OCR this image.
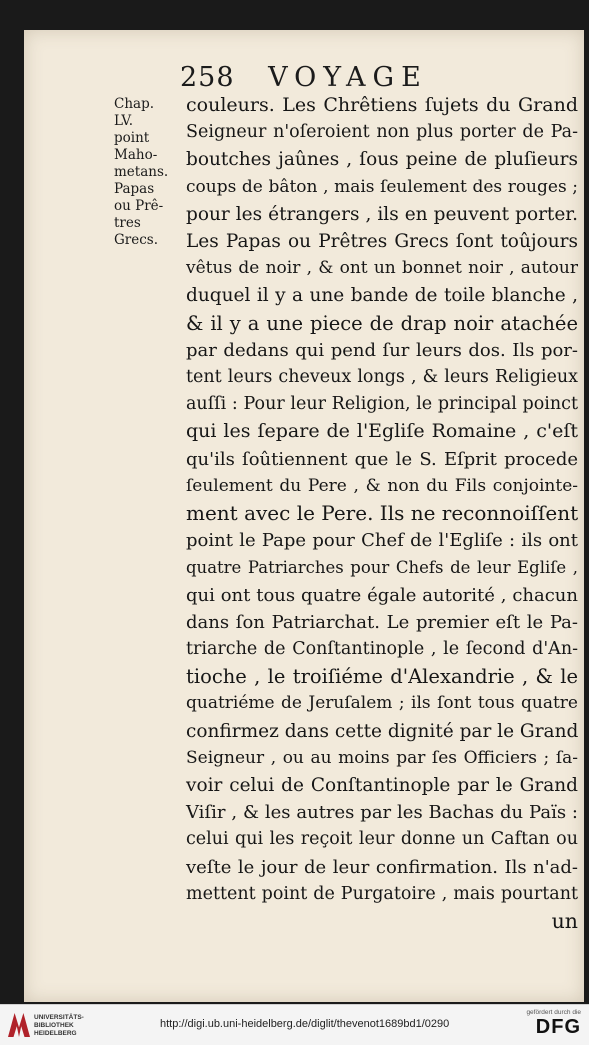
258 VOYAGE
Chap.
LV.
point
Maho-
metans.
Papas
ou Prê-
tres
Grecs.
couleurs. Les Chrêtiens ſujets du Grand
Seigneur n'oſeroient non plus porter de Pa-
boutches jaûnes , ſous peine de pluſieurs
coups de bâton , mais ſeulement des rouges ;
pour les étrangers , ils en peuvent porter.
Les Papas ou Prêtres Grecs ſont toûjours
vêtus de noir , & ont un bonnet noir , autour
duquel il y a une bande de toile blanche ,
& il y a une piece de drap noir atachée
par dedans qui pend ſur leurs dos. Ils por-
tent leurs cheveux longs , & leurs Religieux
auſſi : Pour leur Religion, le principal poinct
qui les ſepare de l'Egliſe Romaine , c'eſt
qu'ils ſoûtiennent que le S. Eſprit procede
ſeulement du Pere , & non du Fils conjointe-
ment avec le Pere. Ils ne reconnoiſſent
point le Pape pour Chef de l'Egliſe : ils ont
quatre Patriarches pour Chefs de leur Egliſe ,
qui ont tous quatre égale autorité , chacun
dans ſon Patriarchat. Le premier eſt le Pa-
triarche de Conſtantinople , le ſecond d'An-
tioche , le troiſiéme d'Alexandrie , & le
quatriéme de Jeruſalem ; ils ſont tous quatre
confirmez dans cette dignité par le Grand
Seigneur , ou au moins par ſes Officiers ; ſa-
voir celui de Conſtantinople par le Grand
Viſir , & les autres par les Bachas du Païs :
celui qui les reçoit leur donne un Caftan ou
veſte le jour de leur confirmation. Ils n'ad-
mettent point de Purgatoire , mais pourtant
un
UNIVERSITÄTS-
BIBLIOTHEK
HEIDELBERG
http://digi.ub.uni-heidelberg.de/diglit/thevenot1689bd1/0290
gefördert durch die
DFG
